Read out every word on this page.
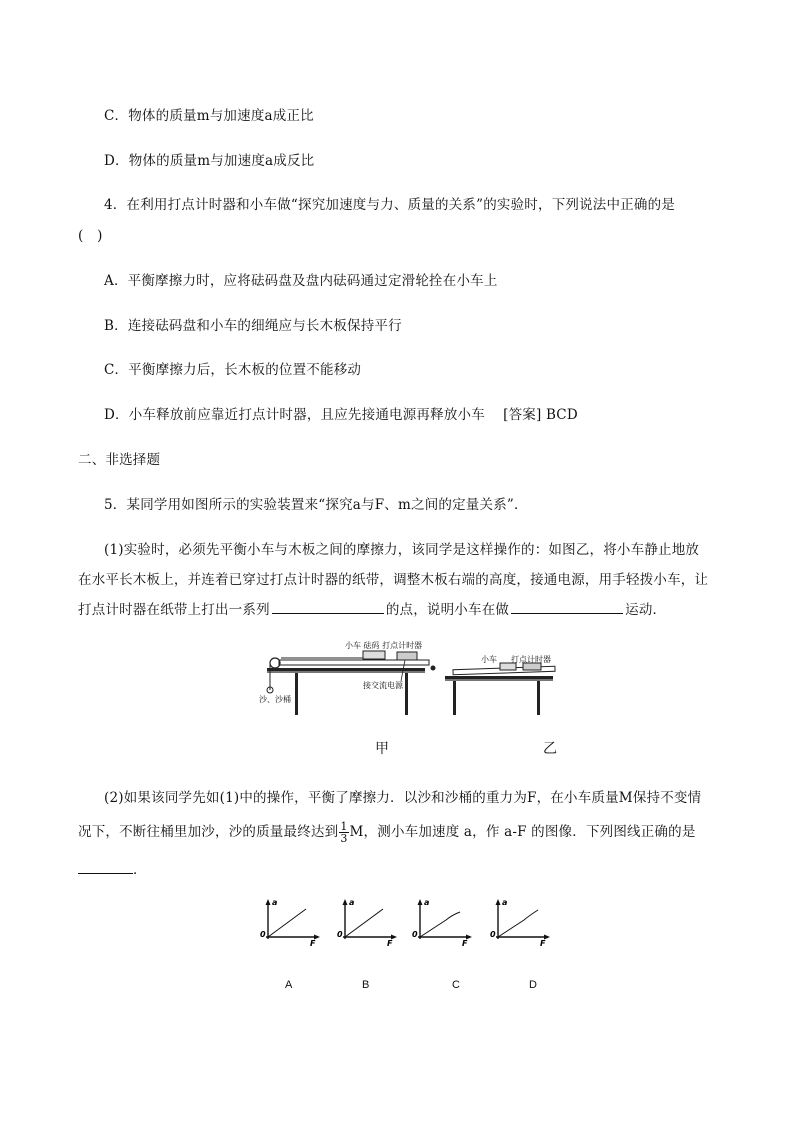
C．物体的质量m与加速度a成正比
D．物体的质量m与加速度a成反比
4．在利用打点计时器和小车做“探究加速度与力、质量的关系”的实验时，下列说法中正确的是
(　)
A．平衡摩擦力时，应将砝码盘及盘内砝码通过定滑轮拴在小车上
B．连接砝码盘和小车的细绳应与长木板保持平行
C．平衡摩擦力后，长木板的位置不能移动
D．小车释放前应靠近打点计时器，且应先接通电源再释放小车　 [答案] BCD
二、非选择题
5．某同学用如图所示的实验装置来“探究a与F、m之间的定量关系”．
(1)实验时，必须先平衡小车与木板之间的摩擦力，该同学是这样操作的：如图乙，将小车静止地放
在水平长木板上，并连着已穿过打点计时器的纸带，调整木板右端的高度，接通电源，用手轻拨小车，让
打点计时器在纸带上打出一系列	的点，说明小车在做	运动．
小车 砝码 打点计时器
接交流电源
沙、沙桶
小车 打点计时器
甲	乙
(2)如果该同学先如(1)中的操作，平衡了摩擦力．以沙和沙桶的重力为F，在小车质量M保持不变情
况下，不断往桶里加沙，沙的质量最终达到 $\frac{1}{3}$ M，测小车加速度 a，作 a-F 的图像．下列图线正确的是
．
a
F
0
a
F
0
a
F
0
a
F
0
A	B	C	D
